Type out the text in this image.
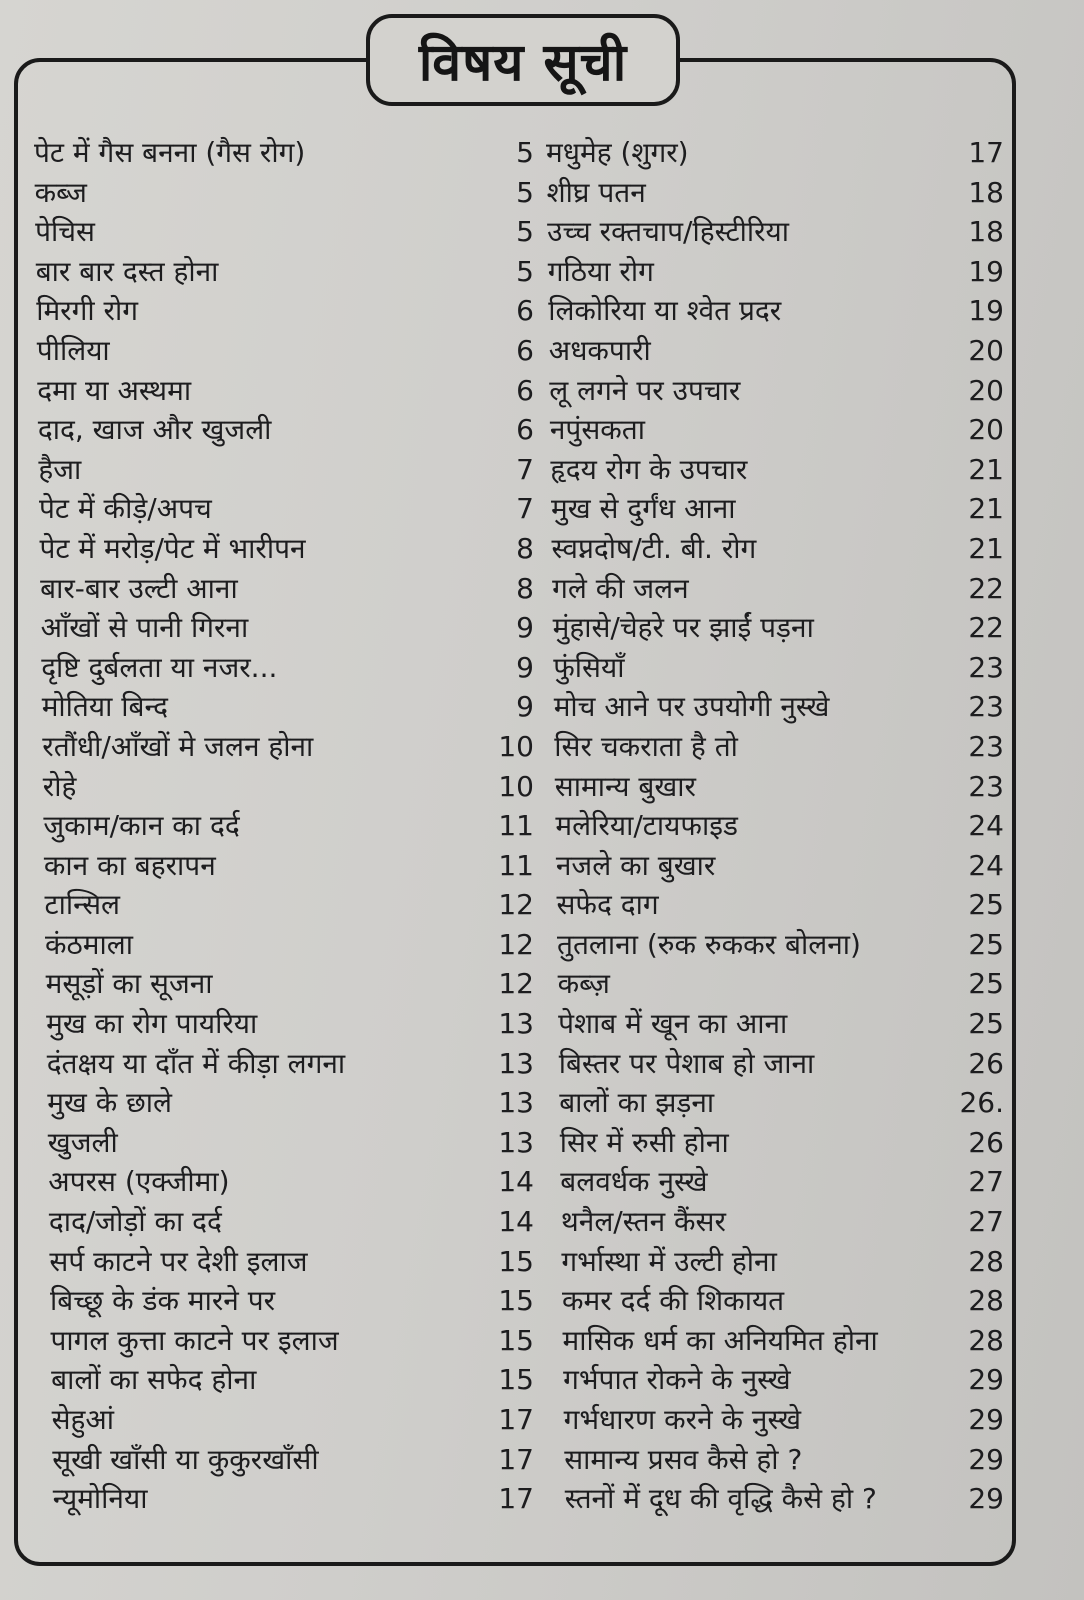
विषय सूची
पेट में गैस बनना (गैस रोग)	5 मधुमेह (शुगर)	17
कब्ज	5 शीघ्र पतन	18
पेचिस	5 उच्च रक्तचाप/हिस्टीरिया	18
बार बार दस्त होना	5 गठिया रोग	19
मिरगी रोग	6 लिकोरिया या श्वेत प्रदर	19
पीलिया	6 अधकपारी	20
दमा या अस्थमा	6 लू लगने पर उपचार	20
दाद, खाज और खुजली	6 नपुंसकता	20
हैजा	7 हृदय रोग के उपचार	21
पेट में कीड़े/अपच	7 मुख से दुर्गंध आना	21
पेट में मरोड़/पेट में भारीपन	8 स्वप्नदोष/टी. बी. रोग	21
बार-बार उल्टी आना	8 गले की जलन	22
आँखों से पानी गिरना	9 मुंहासे/चेहरे पर झाईं पड़ना	22
दृष्टि दुर्बलता या नजर...	9 फुंसियाँ	23
मोतिया बिन्द	9 मोच आने पर उपयोगी नुस्खे	23
रतौंधी/आँखों मे जलन होना	10 सिर चकराता है तो	23
रोहे	10 सामान्य बुखार	23
जुकाम/कान का दर्द	11 मलेरिया/टायफाइड	24
कान का बहरापन	11 नजले का बुखार	24
टान्सिल	12 सफेद दाग	25
कंठमाला	12 तुतलाना (रुक रुककर बोलना)	25
मसूड़ों का सूजना	12 कब्ज़	25
मुख का रोग पायरिया	13 पेशाब में खून का आना	25
दंतक्षय या दाँत में कीड़ा लगना	13 बिस्तर पर पेशाब हो जाना	26
मुख के छाले	13 बालों का झड़ना	26.
खुजली	13 सिर में रुसी होना	26
अपरस (एक्जीमा)	14 बलवर्धक नुस्खे	27
दाद/जोड़ों का दर्द	14 थनैल/स्तन कैंसर	27
सर्प काटने पर देशी इलाज	15 गर्भास्था में उल्टी होना	28
बिच्छू के डंक मारने पर	15 कमर दर्द की शिकायत	28
पागल कुत्ता काटने पर इलाज	15 मासिक धर्म का अनियमित होना	28
बालों का सफेद होना	15 गर्भपात रोकने के नुस्खे	29
सेहुआं	17 गर्भधारण करने के नुस्खे	29
सूखी खाँसी या कुकुरखाँसी	17 सामान्य प्रसव कैसे हो ?	29
न्यूमोनिया	17 स्तनों में दूध की वृद्धि कैसे हो ?	29
